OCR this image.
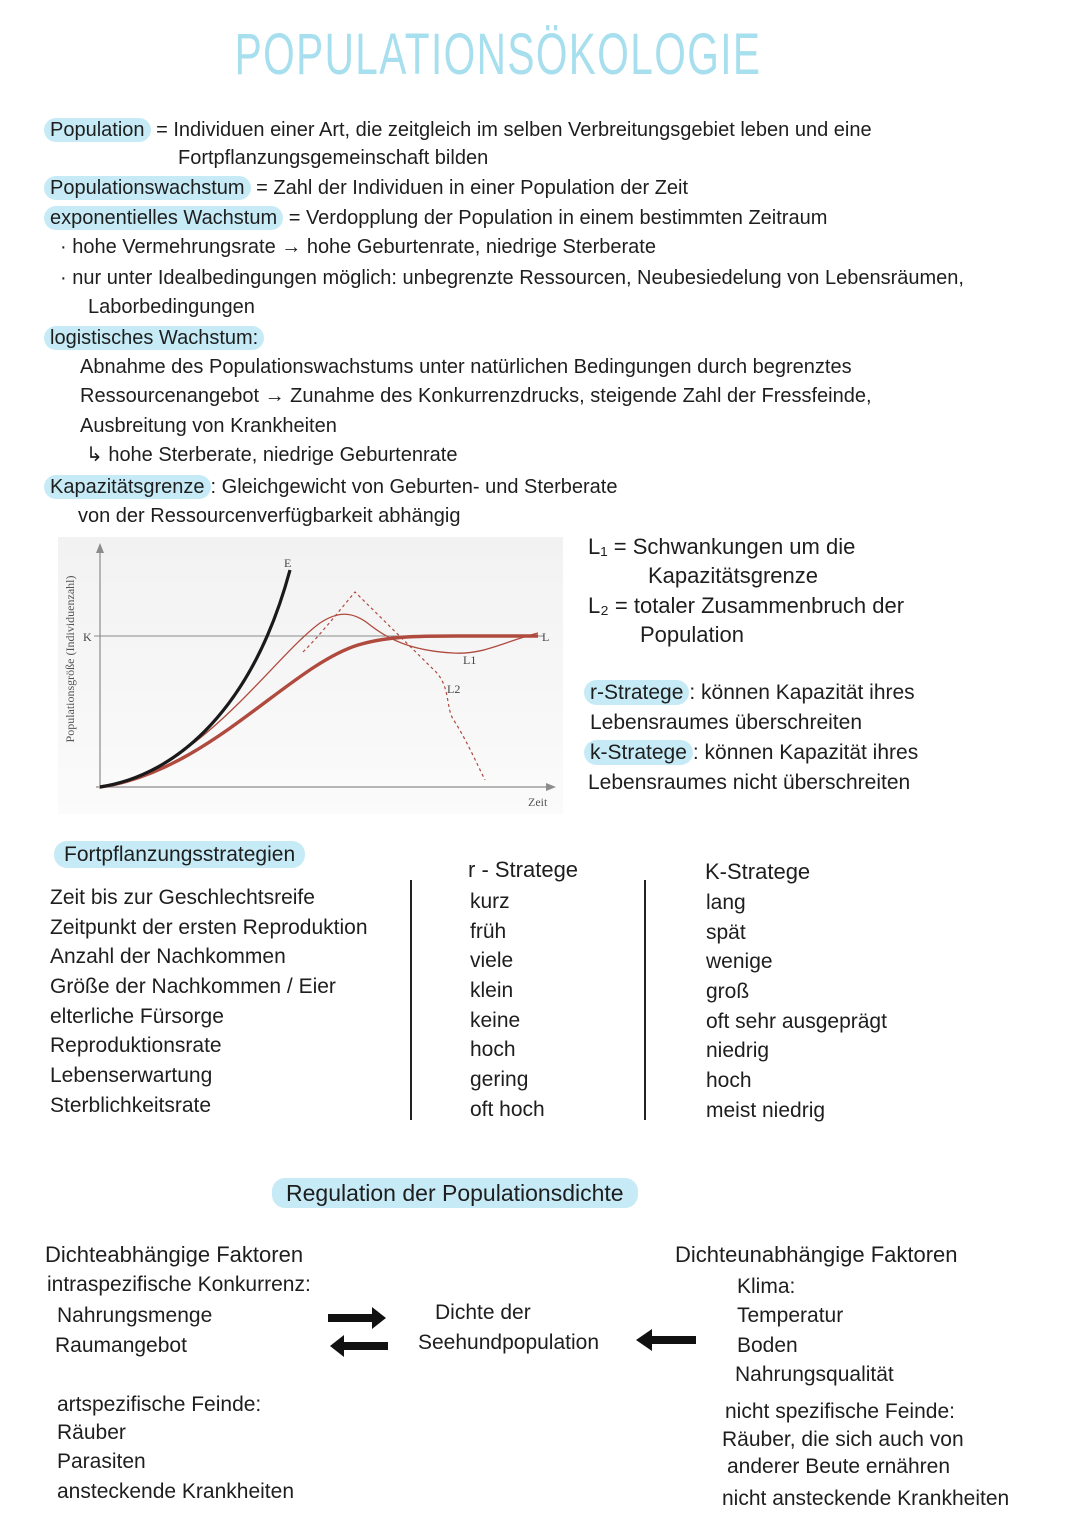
POPULATIONSÖKOLOGIE
Population = Individuen einer Art, die zeitgleich im selben Verbreitungsgebiet leben und eine
Fortpflanzungsgemeinschaft bilden
Populationswachstum = Zahl der Individuen in einer Population der Zeit
exponentielles Wachstum = Verdopplung der Population in einem bestimmten Zeitraum
· hohe Vermehrungsrate → hohe Geburtenrate, niedrige Sterberate
· nur unter Idealbedingungen möglich: unbegrenzte Ressourcen, Neubesiedelung von Lebensräumen,
Laborbedingungen
logistisches Wachstum:
Abnahme des Populationswachstums unter natürlichen Bedingungen durch begrenztes
Ressourcenangebot → Zunahme des Konkurrenzdrucks, steigende Zahl der Fressfeinde,
Ausbreitung von Krankheiten
↳ hohe Sterberate, niedrige Geburtenrate
Kapazitätsgrenze : Gleichgewicht von Geburten- und Sterberate
von der Ressourcenverfügbarkeit abhängig
E
K	L
L1
L2
Zeit
Populationsgröße (Individuenzahl)
L₁ = Schwankungen um die
Kapazitätsgrenze
L₂ = totaler Zusammenbruch der
Population
r-Stratege : können Kapazität ihres
Lebensraumes überschreiten
k-Stratege : können Kapazität ihres
Lebensraumes nicht überschreiten
Fortpflanzungsstrategien
r - Stratege	K-Stratege
Zeit bis zur Geschlechtsreife
Zeitpunkt der ersten Reproduktion
Anzahl der Nachkommen
Größe der Nachkommen / Eier
elterliche Fürsorge
Reproduktionsrate
Lebenserwartung
Sterblichkeitsrate
kurz
früh
viele
klein
keine
hoch
gering
oft hoch
lang
spät
wenige
groß
oft sehr ausgeprägt
niedrig
hoch
meist niedrig
Regulation der Populationsdichte
Dichteabhängige Faktoren
intraspezifische Konkurrenz:
Nahrungsmenge
Raumangebot
artspezifische Feinde:
Räuber
Parasiten
ansteckende Krankheiten
Dichte der
Seehundpopulation
Dichteunabhängige Faktoren
Klima:
Temperatur
Boden
Nahrungsqualität
nicht spezifische Feinde:
Räuber, die sich auch von
anderer Beute ernähren
nicht ansteckende Krankheiten
